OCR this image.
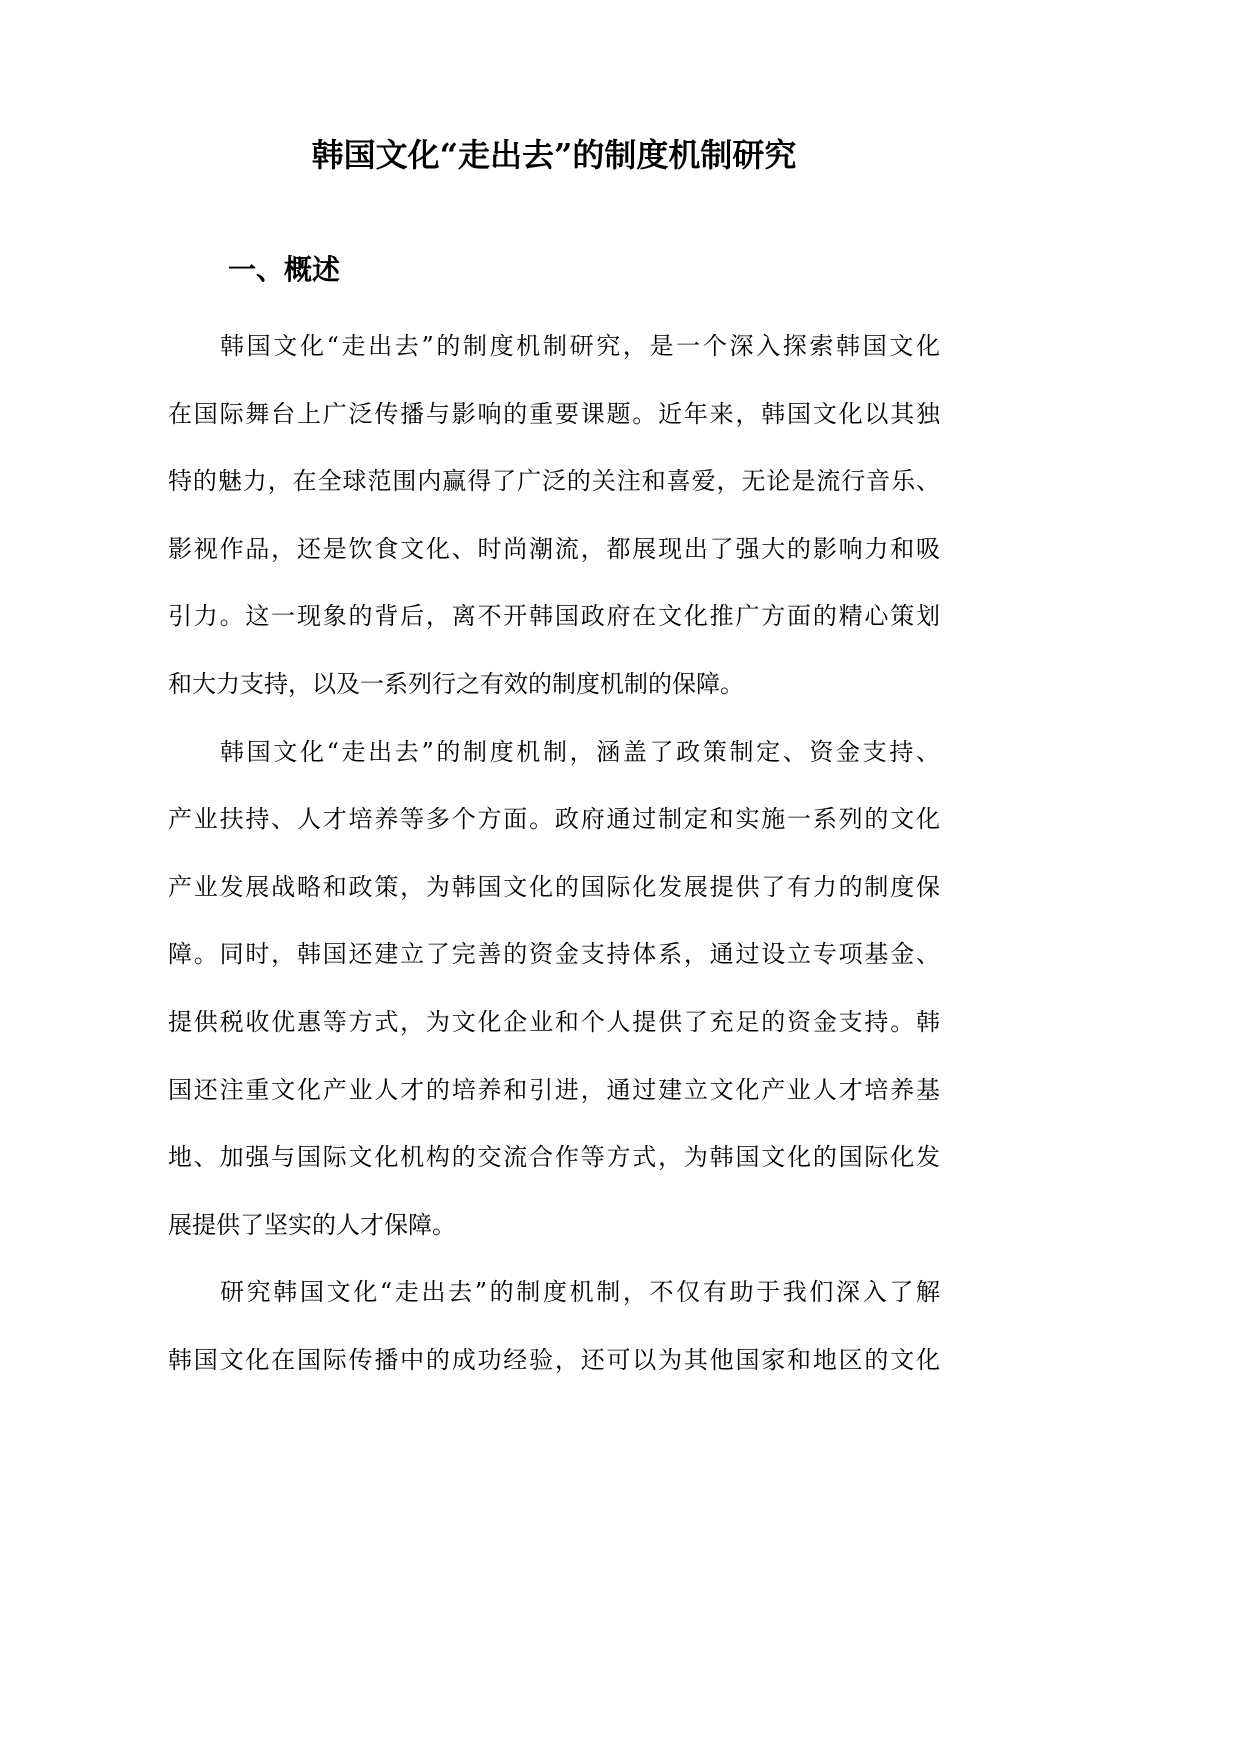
韩国文化“走出去”的制度机制研究
一、概述
韩国文化“走出去”的制度机制研究，是一个深入探索韩国文化
在国际舞台上广泛传播与影响的重要课题。近年来，韩国文化以其独
特的魅力，在全球范围内赢得了广泛的关注和喜爱，无论是流行音乐、
影视作品，还是饮食文化、时尚潮流，都展现出了强大的影响力和吸
引力。这一现象的背后，离不开韩国政府在文化推广方面的精心策划
和大力支持，以及一系列行之有效的制度机制的保障。
韩国文化“走出去”的制度机制，涵盖了政策制定、资金支持、
产业扶持、人才培养等多个方面。政府通过制定和实施一系列的文化
产业发展战略和政策，为韩国文化的国际化发展提供了有力的制度保
障。同时，韩国还建立了完善的资金支持体系，通过设立专项基金、
提供税收优惠等方式，为文化企业和个人提供了充足的资金支持。韩
国还注重文化产业人才的培养和引进，通过建立文化产业人才培养基
地、加强与国际文化机构的交流合作等方式，为韩国文化的国际化发
展提供了坚实的人才保障。
研究韩国文化“走出去”的制度机制，不仅有助于我们深入了解
韩国文化在国际传播中的成功经验，还可以为其他国家和地区的文化
